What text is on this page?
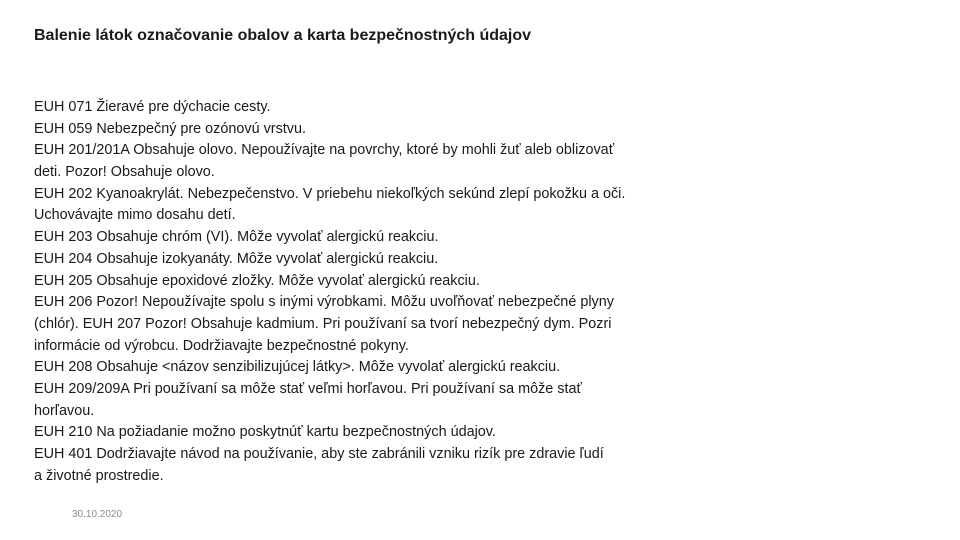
Balenie látok označovanie obalov a karta bezpečnostných údajov
EUH 071 Žieravé pre dýchacie cesty.
EUH 059 Nebezpečný pre ozónovú vrstvu.
EUH 201/201A Obsahuje olovo. Nepoužívajte na povrchy, ktoré by mohli žuť aleb oblizovať
deti. Pozor! Obsahuje olovo.
EUH 202 Kyanoakrylát. Nebezpečenstvo. V priebehu niekoľkých sekúnd zlepí pokožku a oči.
Uchovávajte mimo dosahu detí.
EUH 203 Obsahuje chróm (VI). Môže vyvolať alergickú reakciu.
EUH 204 Obsahuje izokyanáty. Môže vyvolať alergickú reakciu.
EUH 205 Obsahuje epoxidové zložky. Môže vyvolať alergickú reakciu.
EUH 206 Pozor! Nepoužívajte spolu s inými výrobkami. Môžu uvoľňovať nebezpečné plyny
(chlór). EUH 207 Pozor! Obsahuje kadmium. Pri používaní sa tvorí nebezpečný dym. Pozri
informácie od výrobcu. Dodržiavajte bezpečnostné pokyny.
EUH 208 Obsahuje <názov senzibilizujúcej látky>. Môže vyvolať alergickú reakciu.
EUH 209/209A Pri používaní sa môže stať veľmi horľavou. Pri používaní sa môže stať
horľavou.
EUH 210 Na požiadanie možno poskytnúť kartu bezpečnostných údajov.
EUH 401 Dodržiavajte návod na používanie, aby ste zabránili vzniku rizík pre zdravie ľudí
a životné prostredie.
30.10.2020
